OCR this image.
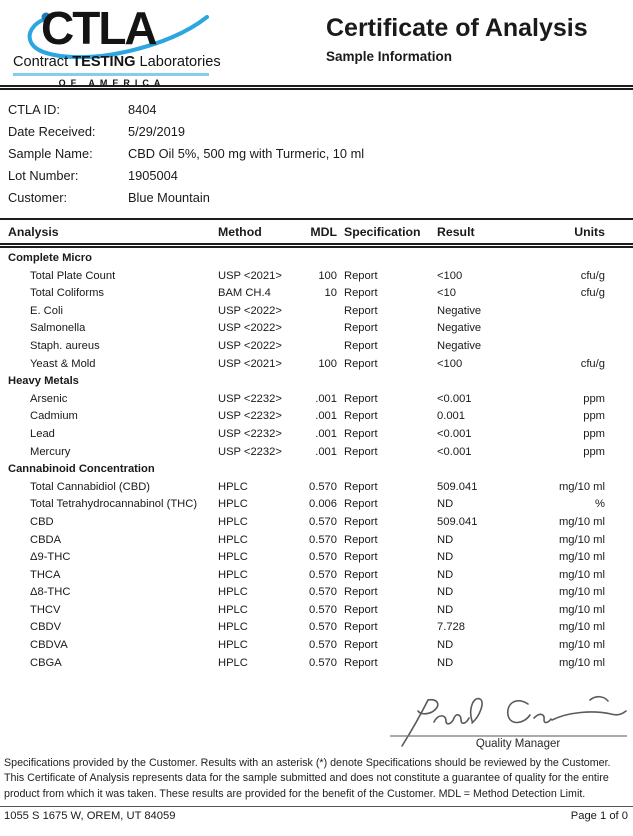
CTLA
Contract TESTING Laboratories
OF AMERICA
Certificate of Analysis
Sample Information
CTLA ID:	8404
Date Received:	5/29/2019
Sample Name:	CBD Oil 5%, 500 mg with Turmeric, 10 ml
Lot Number:	1905004
Customer:	Blue Mountain
Analysis	Method	MDL Specification Result	Units
Complete Micro
Total Plate Count	USP <2021>	100 Report	<100	cfu/g
Total Coliforms	BAM CH.4	10 Report	<10	cfu/g
E. Coli	USP <2022>	Report	Negative
Salmonella	USP <2022>	Report	Negative
Staph. aureus	USP <2022>	Report	Negative
Yeast & Mold	USP <2021>	100 Report	<100	cfu/g
Heavy Metals
Arsenic	USP <2232>	.001 Report	<0.001	ppm
Cadmium	USP <2232>	.001 Report	0.001	ppm
Lead	USP <2232>	.001 Report	<0.001	ppm
Mercury	USP <2232>	.001 Report	<0.001	ppm
Cannabinoid Concentration
Total Cannabidiol (CBD)	HPLC	0.570 Report	509.041	mg/10 ml
Total Tetrahydrocannabinol (THC) HPLC	0.006 Report	ND	%
CBD	HPLC	0.570 Report	509.041	mg/10 ml
CBDA	HPLC	0.570 Report	ND	mg/10 ml
Δ9-THC	HPLC	0.570 Report	ND	mg/10 ml
THCA	HPLC	0.570 Report	ND	mg/10 ml
Δ8-THC	HPLC	0.570 Report	ND	mg/10 ml
THCV	HPLC	0.570 Report	ND	mg/10 ml
CBDV	HPLC	0.570 Report	7.728	mg/10 ml
CBDVA	HPLC	0.570 Report	ND	mg/10 ml
CBGA	HPLC	0.570 Report	ND	mg/10 ml
Quality Manager

Specifications provided by the Customer. Results with an asterisk (*) denote Specifications should be reviewed by the Customer. This Certificate of Analysis represents data for the sample submitted and does not constitute a guarantee of quality for the entire product from which it was taken. These results are provided for the benefit of the Customer. MDL = Method Detection Limit.

1055 S 1675 W, OREM, UT 84059	Page 1 of 0
